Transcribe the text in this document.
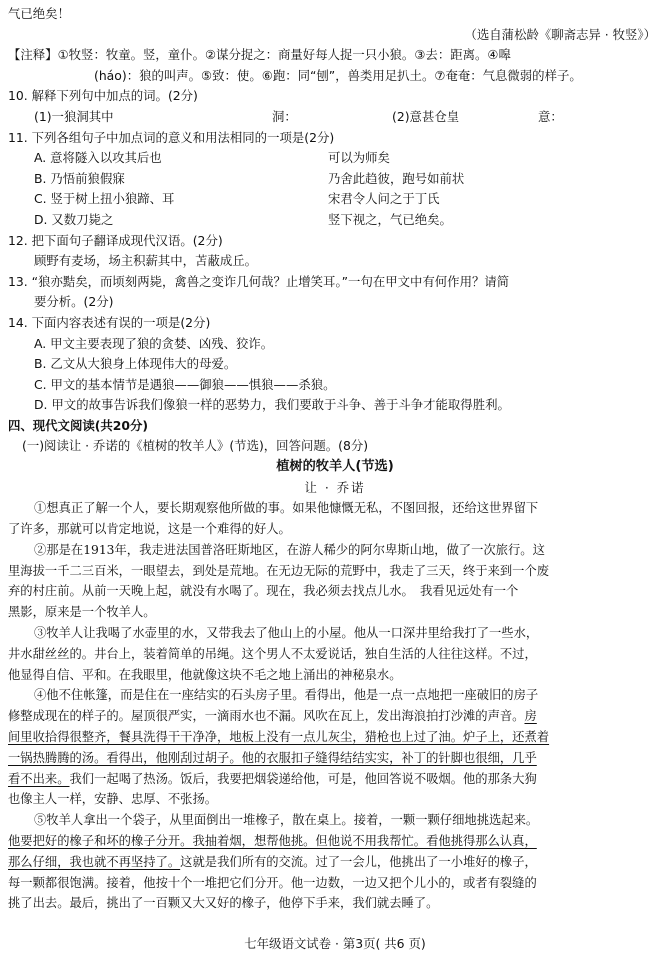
气已绝矣！
（选自蒲松龄《聊斋志异 · 牧竖》）
【注释】①牧竖：牧童。竖，童仆。②谋分捉之：商量好每人捉一只小狼。③去：距离。④嗥
(háo)：狼的叫声。⑤致：使。⑥跑：同“刨”，兽类用足扒土。⑦奄奄：气息微弱的样子。
10. 解释下列句中加点的词。(2分)
(1)一狼洞其中	洞：	(2)意甚仓皇	意：
11. 下列各组句子中加点词的意义和用法相同的一项是(2分)
A. 意将隧入以攻其后也	可以为师矣
B. 乃悟前狼假寐	乃舍此趋彼，跑号如前状
C. 竖于树上扭小狼蹄、耳	宋君令人问之于丁氏
D. 又数刀毙之	竖下视之，气已绝矣。
12. 把下面句子翻译成现代汉语。(2分)
顾野有麦场，场主积薪其中，苫蔽成丘。
13. “狼亦黠矣，而顷刻两毙，禽兽之变诈几何哉？止增笑耳。”一句在甲文中有何作用？请简
要分析。(2分)
14. 下面内容表述有误的一项是(2分)
A. 甲文主要表现了狼的贪婪、凶残、狡诈。
B. 乙文从大狼身上体现伟大的母爱。
C. 甲文的基本情节是遇狼——御狼——惧狼——杀狼。
D. 甲文的故事告诉我们像狼一样的恶势力，我们要敢于斗争、善于斗争才能取得胜利。
四、现代文阅读(共20分)
(一)阅读让 · 乔诺的《植树的牧羊人》(节选)，回答问题。(8分)
植树的牧羊人(节选)
让 · 乔诺
①想真正了解一个人，要长期观察他所做的事。如果他慷慨无私，不图回报，还给这世界留下
了许多，那就可以肯定地说，这是一个难得的好人。
②那是在1913年，我走进法国普洛旺斯地区，在游人稀少的阿尔卑斯山地，做了一次旅行。这
里海拔一千二三百米，一眼望去，到处是荒地。在无边无际的荒野中，我走了三天，终于来到一个废
弃的村庄前。从前一天晚上起，就没有水喝了。现在，我必须去找点儿水。　我看见远处有一个
黑影，原来是一个牧羊人。
③牧羊人让我喝了水壶里的水，又带我去了他山上的小屋。他从一口深井里给我打了一些水，
井水甜丝丝的。井台上，装着简单的吊绳。这个男人不太爱说话，独自生活的人往往这样。不过，
他显得自信、平和。在我眼里，他就像这块不毛之地上涌出的神秘泉水。
④他不住帐篷，而是住在一座结实的石头房子里。看得出，他是一点一点地把一座破旧的房子
修整成现在的样子的。屋顶很严实，一滴雨水也不漏。风吹在瓦上，发出海浪拍打沙滩的声音。房
间里收拾得很整齐，餐具洗得干干净净，地板上没有一点儿灰尘，猎枪也上过了油。炉子上，还煮着
一锅热腾腾的汤。看得出，他刚刮过胡子。他的衣服扣子缝得结结实实，补丁的针脚也很细，几乎
看不出来。我们一起喝了热汤。饭后，我要把烟袋递给他，可是，他回答说不吸烟。他的那条大狗
也像主人一样，安静、忠厚、不张扬。
⑤牧羊人拿出一个袋子，从里面倒出一堆橡子，散在桌上。接着，一颗一颗仔细地挑选起来。
他要把好的橡子和坏的橡子分开。我抽着烟，想帮他挑。但他说不用我帮忙。看他挑得那么认真，
那么仔细，我也就不再坚持了。这就是我们所有的交流。过了一会儿，他挑出了一小堆好的橡子，
每一颗都很饱满。接着，他按十个一堆把它们分开。他一边数，一边又把个儿小的，或者有裂缝的
挑了出去。最后，挑出了一百颗又大又好的橡子，他停下手来，我们就去睡了。
七年级语文试卷 · 第3页( 共6 页)
